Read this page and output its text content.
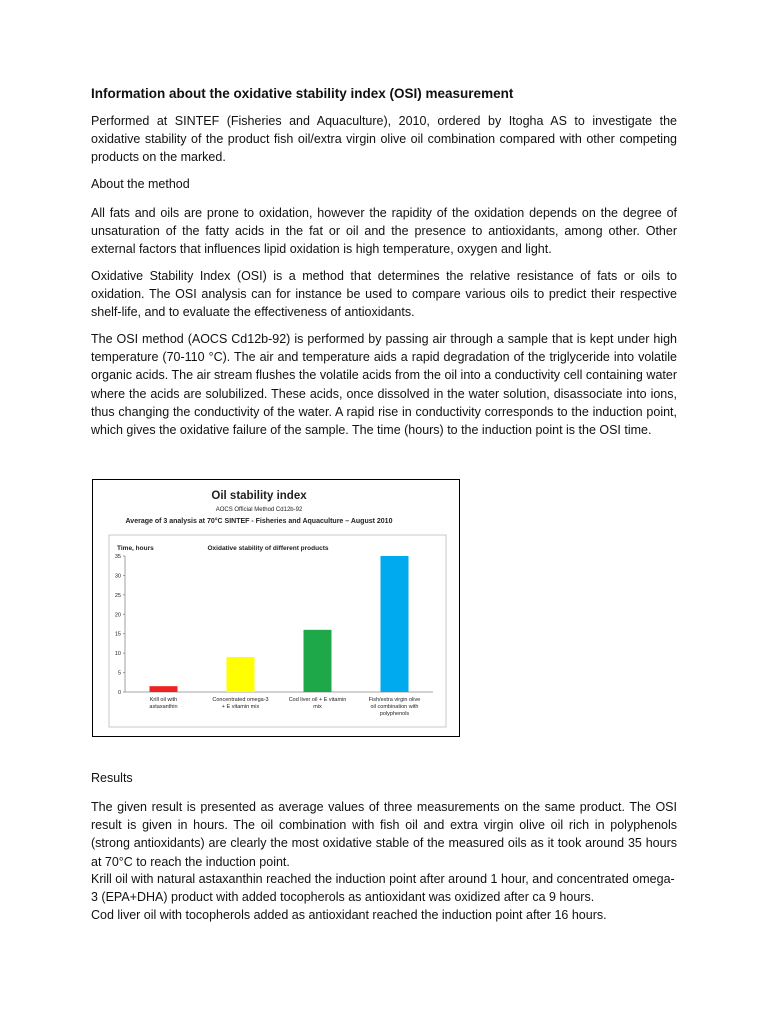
Information about the oxidative stability index (OSI) measurement

Performed at SINTEF (Fisheries and Aquaculture), 2010, ordered by Itogha AS to investigate the oxidative stability of the product fish oil/extra virgin olive oil combination compared with other competing products on the marked.

About the method

All fats and oils are prone to oxidation, however the rapidity of the oxidation depends on the degree of unsaturation of the fatty acids in the fat or oil and the presence to antioxidants, among other. Other external factors that influences lipid oxidation is high temperature, oxygen and light.

Oxidative Stability Index (OSI) is a method that determines the relative resistance of fats or oils to oxidation. The OSI analysis can for instance be used to compare various oils to predict their respective shelf-life, and to evaluate the effectiveness of antioxidants.

The OSI method (AOCS Cd12b-92) is performed by passing air through a sample that is kept under high temperature (70-110 °C). The air and temperature aids a rapid degradation of the triglyceride into volatile organic acids. The air stream flushes the volatile acids from the oil into a conductivity cell containing water where the acids are solubilized. These acids, once dissolved in the water solution, disassociate into ions, thus changing the conductivity of the water. A rapid rise in conductivity corresponds to the induction point, which gives the oxidative failure of the sample. The time (hours) to the induction point is the OSI time.

Oil stability index
AOCS Official Method Cd12b-92
Average of 3 analysis at 70°C SINTEF - Fisheries and Aquaculture – August 2010
Time, hours	Oxidative stability of different products
0
5
10
15
20
25
30
35
Krill oil with
astaxanthin
Concentrated omega-3
+ E vitamin mix
Cod liver oil + E vitamin
mix
Fish/extra virgin olive
oil combination with
polyphenols

Results

The given result is presented as average values of three measurements on the same product. The OSI result is given in hours. The oil combination with fish oil and extra virgin olive oil rich in polyphenols (strong antioxidants) are clearly the most oxidative stable of the measured oils as it took around 35 hours at 70°C to reach the induction point.

Krill oil with natural astaxanthin reached the induction point after around 1 hour, and concentrated omega-3 (EPA+DHA) product with added tocopherols as antioxidant was oxidized after ca 9 hours.

Cod liver oil with tocopherols added as antioxidant reached the induction point after 16 hours.
